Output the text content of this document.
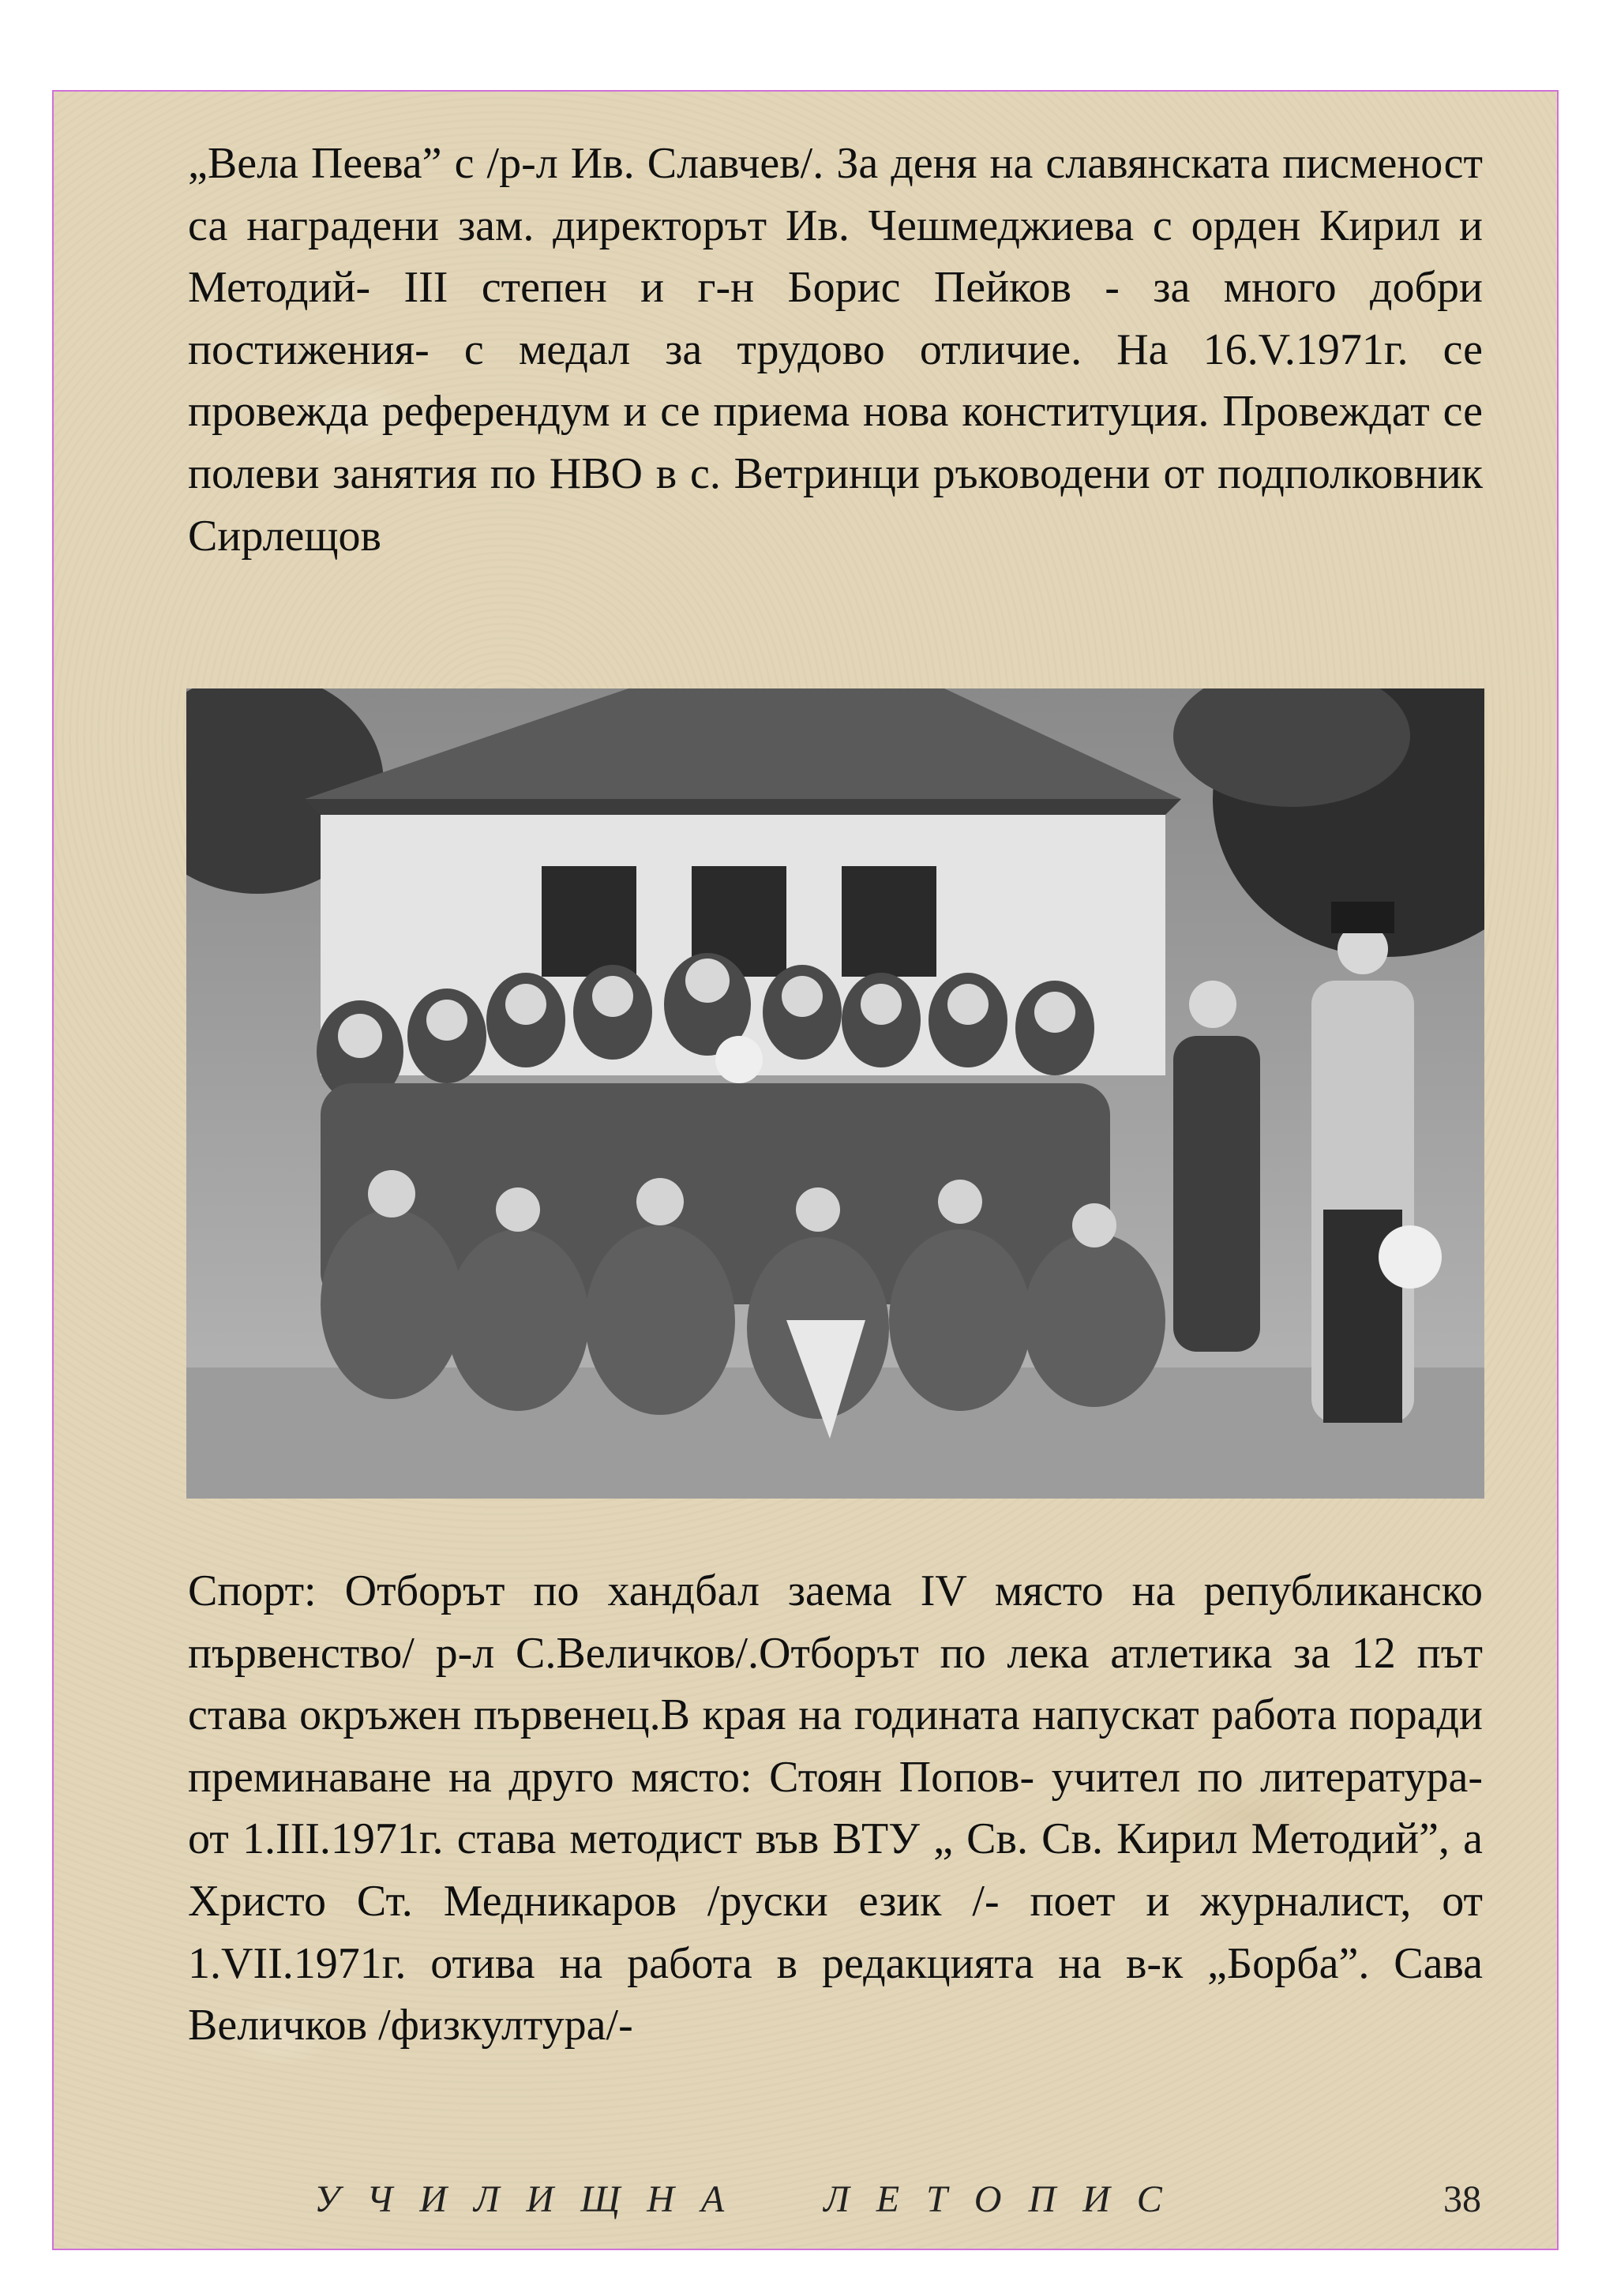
„Вела Пеева” с /р-л Ив. Славчев/. За деня на славянската писменост са наградени зам. директорът Ив. Чешмеджиева с орден Кирил и Методий- III степен и г-н Борис Пейков - за много добри постижения- с медал за трудово отличие. На 16.V.1971г. се провежда референдум и се приема нова конституция. Провеждат се полеви занятия по НВО в с. Ветринци ръководени от подполковник Сирлещов

Спорт: Отборът по хандбал заема IV място на републиканско първенство/ р-л С.Величков/.Отборът по лека атлетика за 12 път става окръжен първенец.В края на годината напускат работа поради преминаване на друго място: Стоян Попов- учител по литература- от 1.III.1971г. става методист във ВТУ „ Св. Св. Кирил Методий”, а Христо Ст. Медникаров /руски език /- поет и журналист, от 1.VII.1971г. отива на работа в редакцията на в-к „Борба”. Сава Величков /физкултура/-

УЧИЛИЩНА  ЛЕТОПИС	38
